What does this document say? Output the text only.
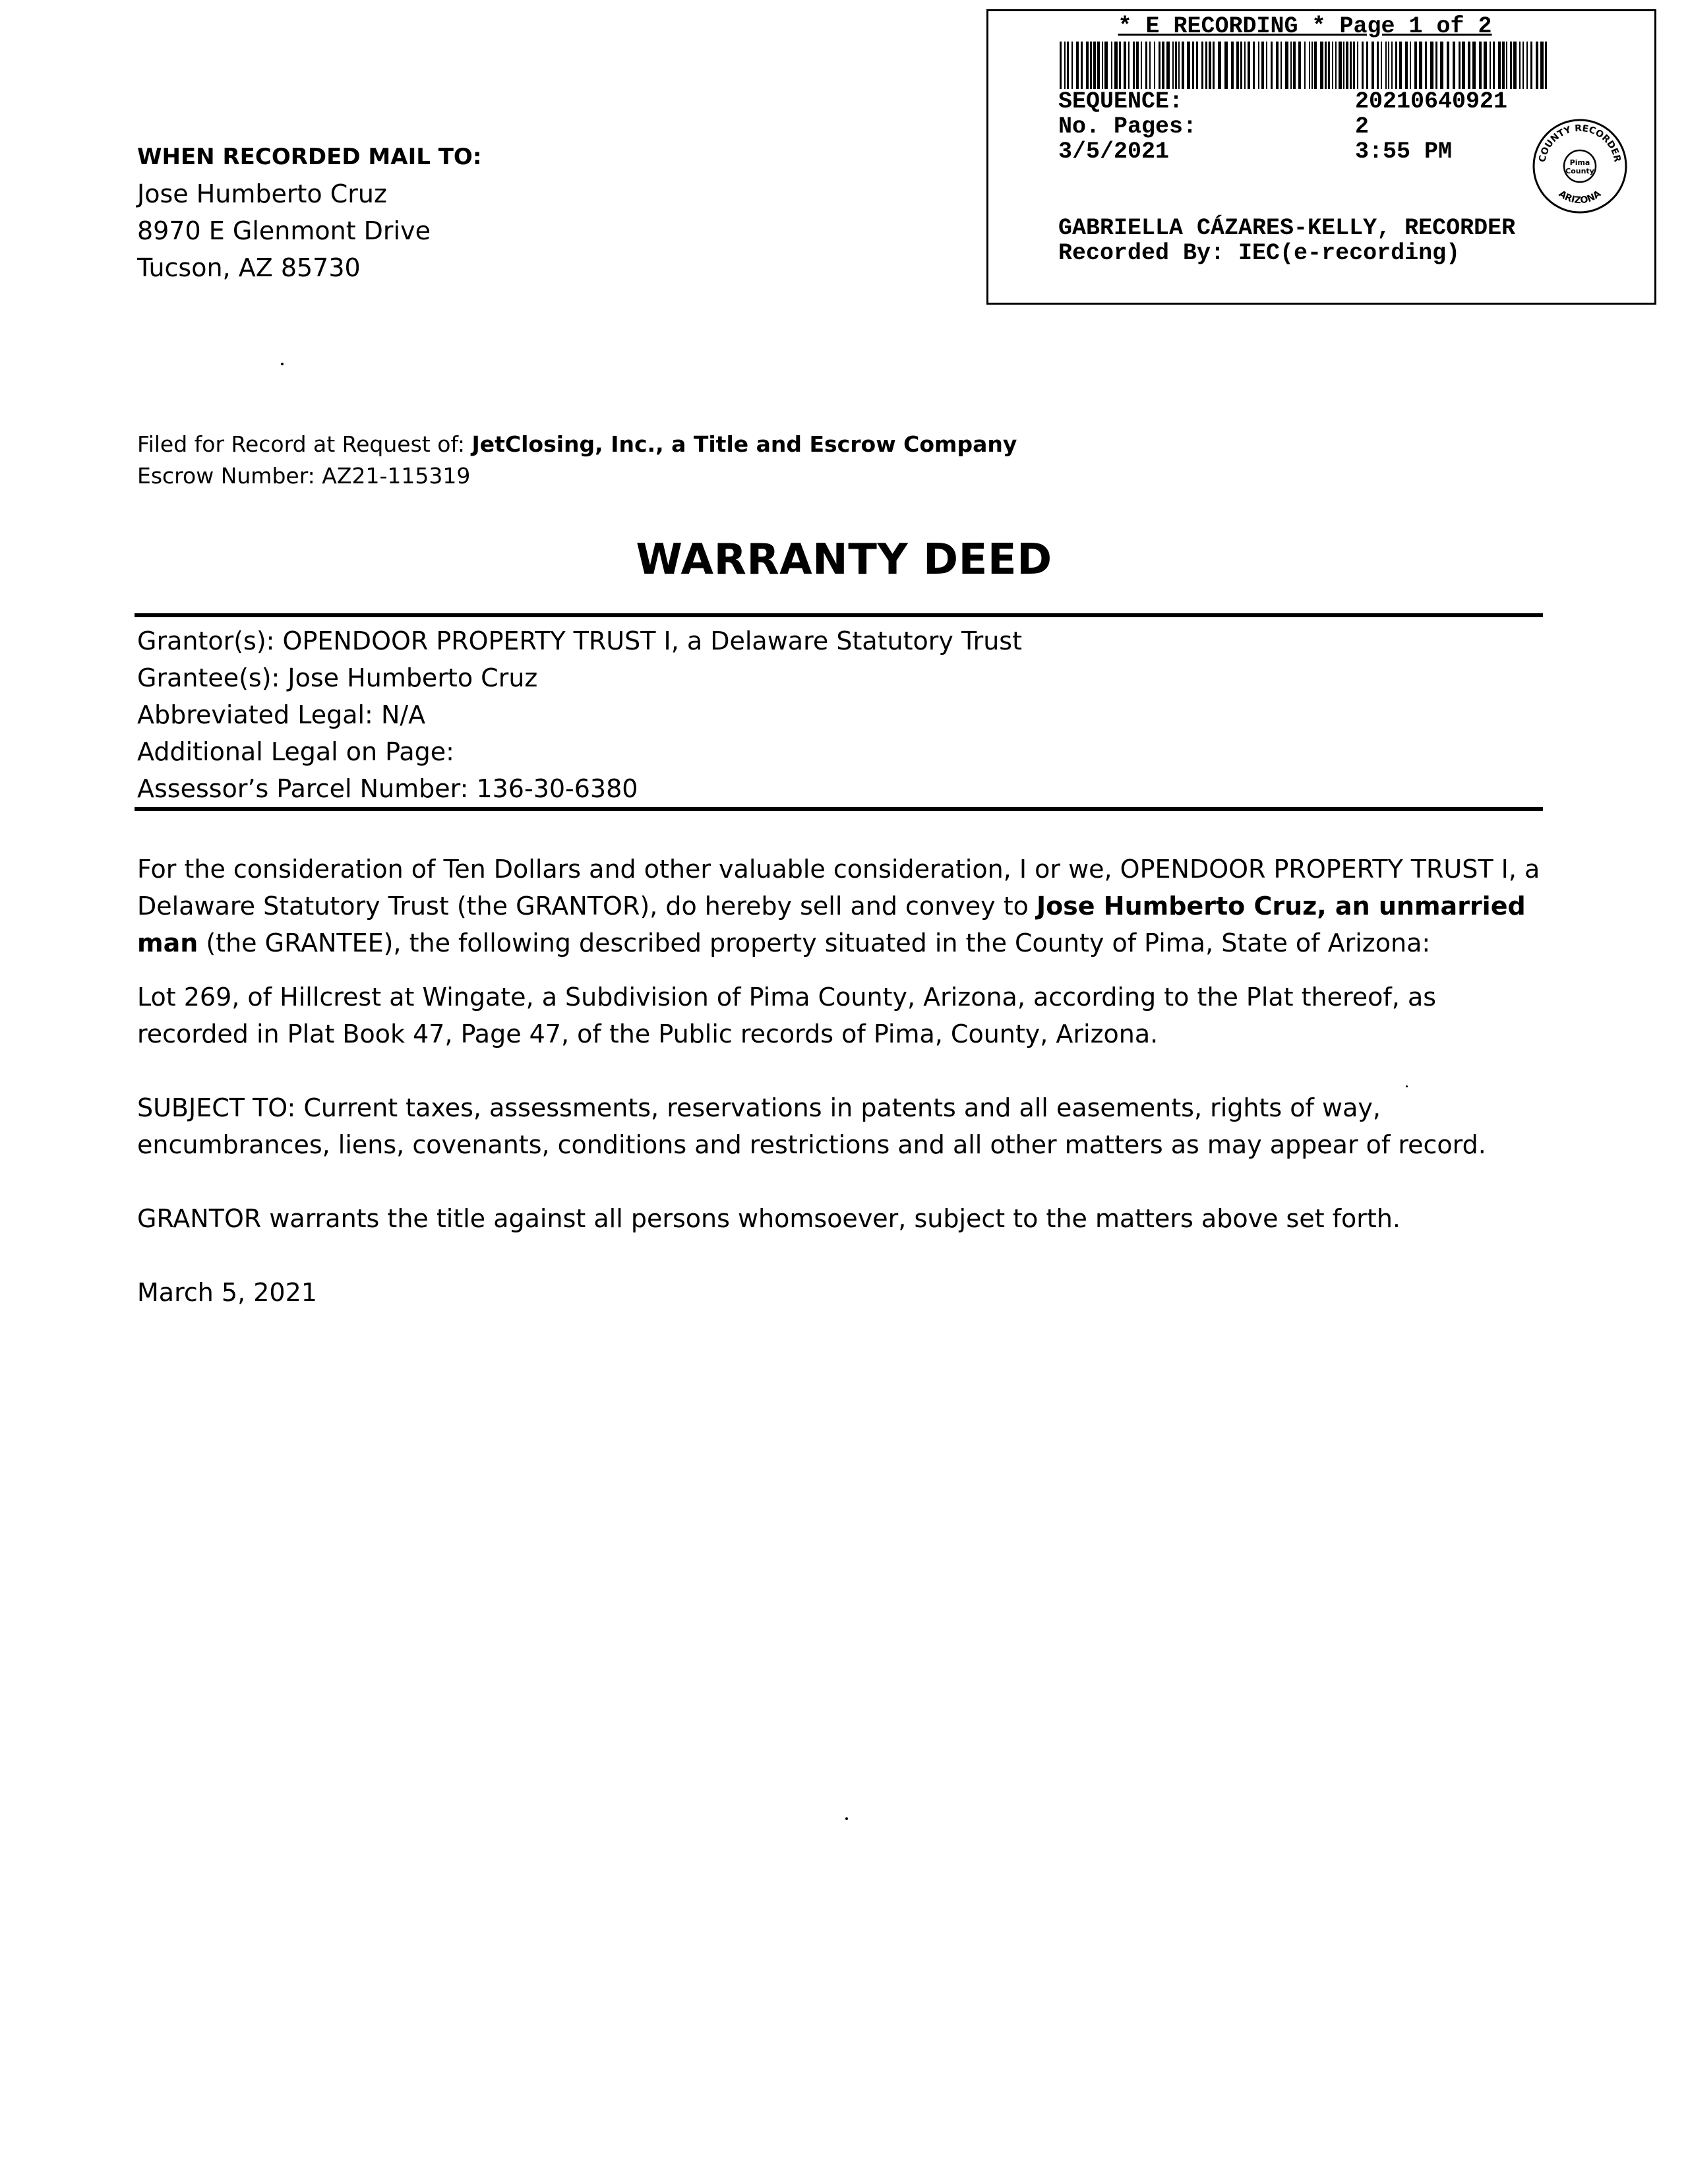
WHEN RECORDED MAIL TO:
Jose Humberto Cruz
8970 E Glenmont Drive
Tucson, AZ 85730
* E RECORDING * Page 1 of 2
SEQUENCE:	20210640921
No. Pages:	2
3/5/2021	3:55 PM	COUNTY RECORDER
ARIZONA
Pima
County
GABRIELLA CÁZARES-KELLY, RECORDER
Recorded By: IEC(e-recording)
Filed for Record at Request of: JetClosing, Inc., a Title and Escrow Company
Escrow Number: AZ21-115319
WARRANTY DEED
Grantor(s): OPENDOOR PROPERTY TRUST I, a Delaware Statutory Trust
Grantee(s): Jose Humberto Cruz
Abbreviated Legal: N/A
Additional Legal on Page:
Assessor’s Parcel Number: 136-30-6380
For the consideration of Ten Dollars and other valuable consideration, I or we, OPENDOOR PROPERTY TRUST I, a Delaware Statutory Trust (the GRANTOR), do hereby sell and convey to Jose Humberto Cruz, an unmarried man (the GRANTEE), the following described property situated in the County of Pima, State of Arizona:
Lot 269, of Hillcrest at Wingate, a Subdivision of Pima County, Arizona, according to the Plat thereof, as recorded in Plat Book 47, Page 47, of the Public records of Pima, County, Arizona.
SUBJECT TO: Current taxes, assessments, reservations in patents and all easements, rights of way, encumbrances, liens, covenants, conditions and restrictions and all other matters as may appear of record.
GRANTOR warrants the title against all persons whomsoever, subject to the matters above set forth.
March 5, 2021
